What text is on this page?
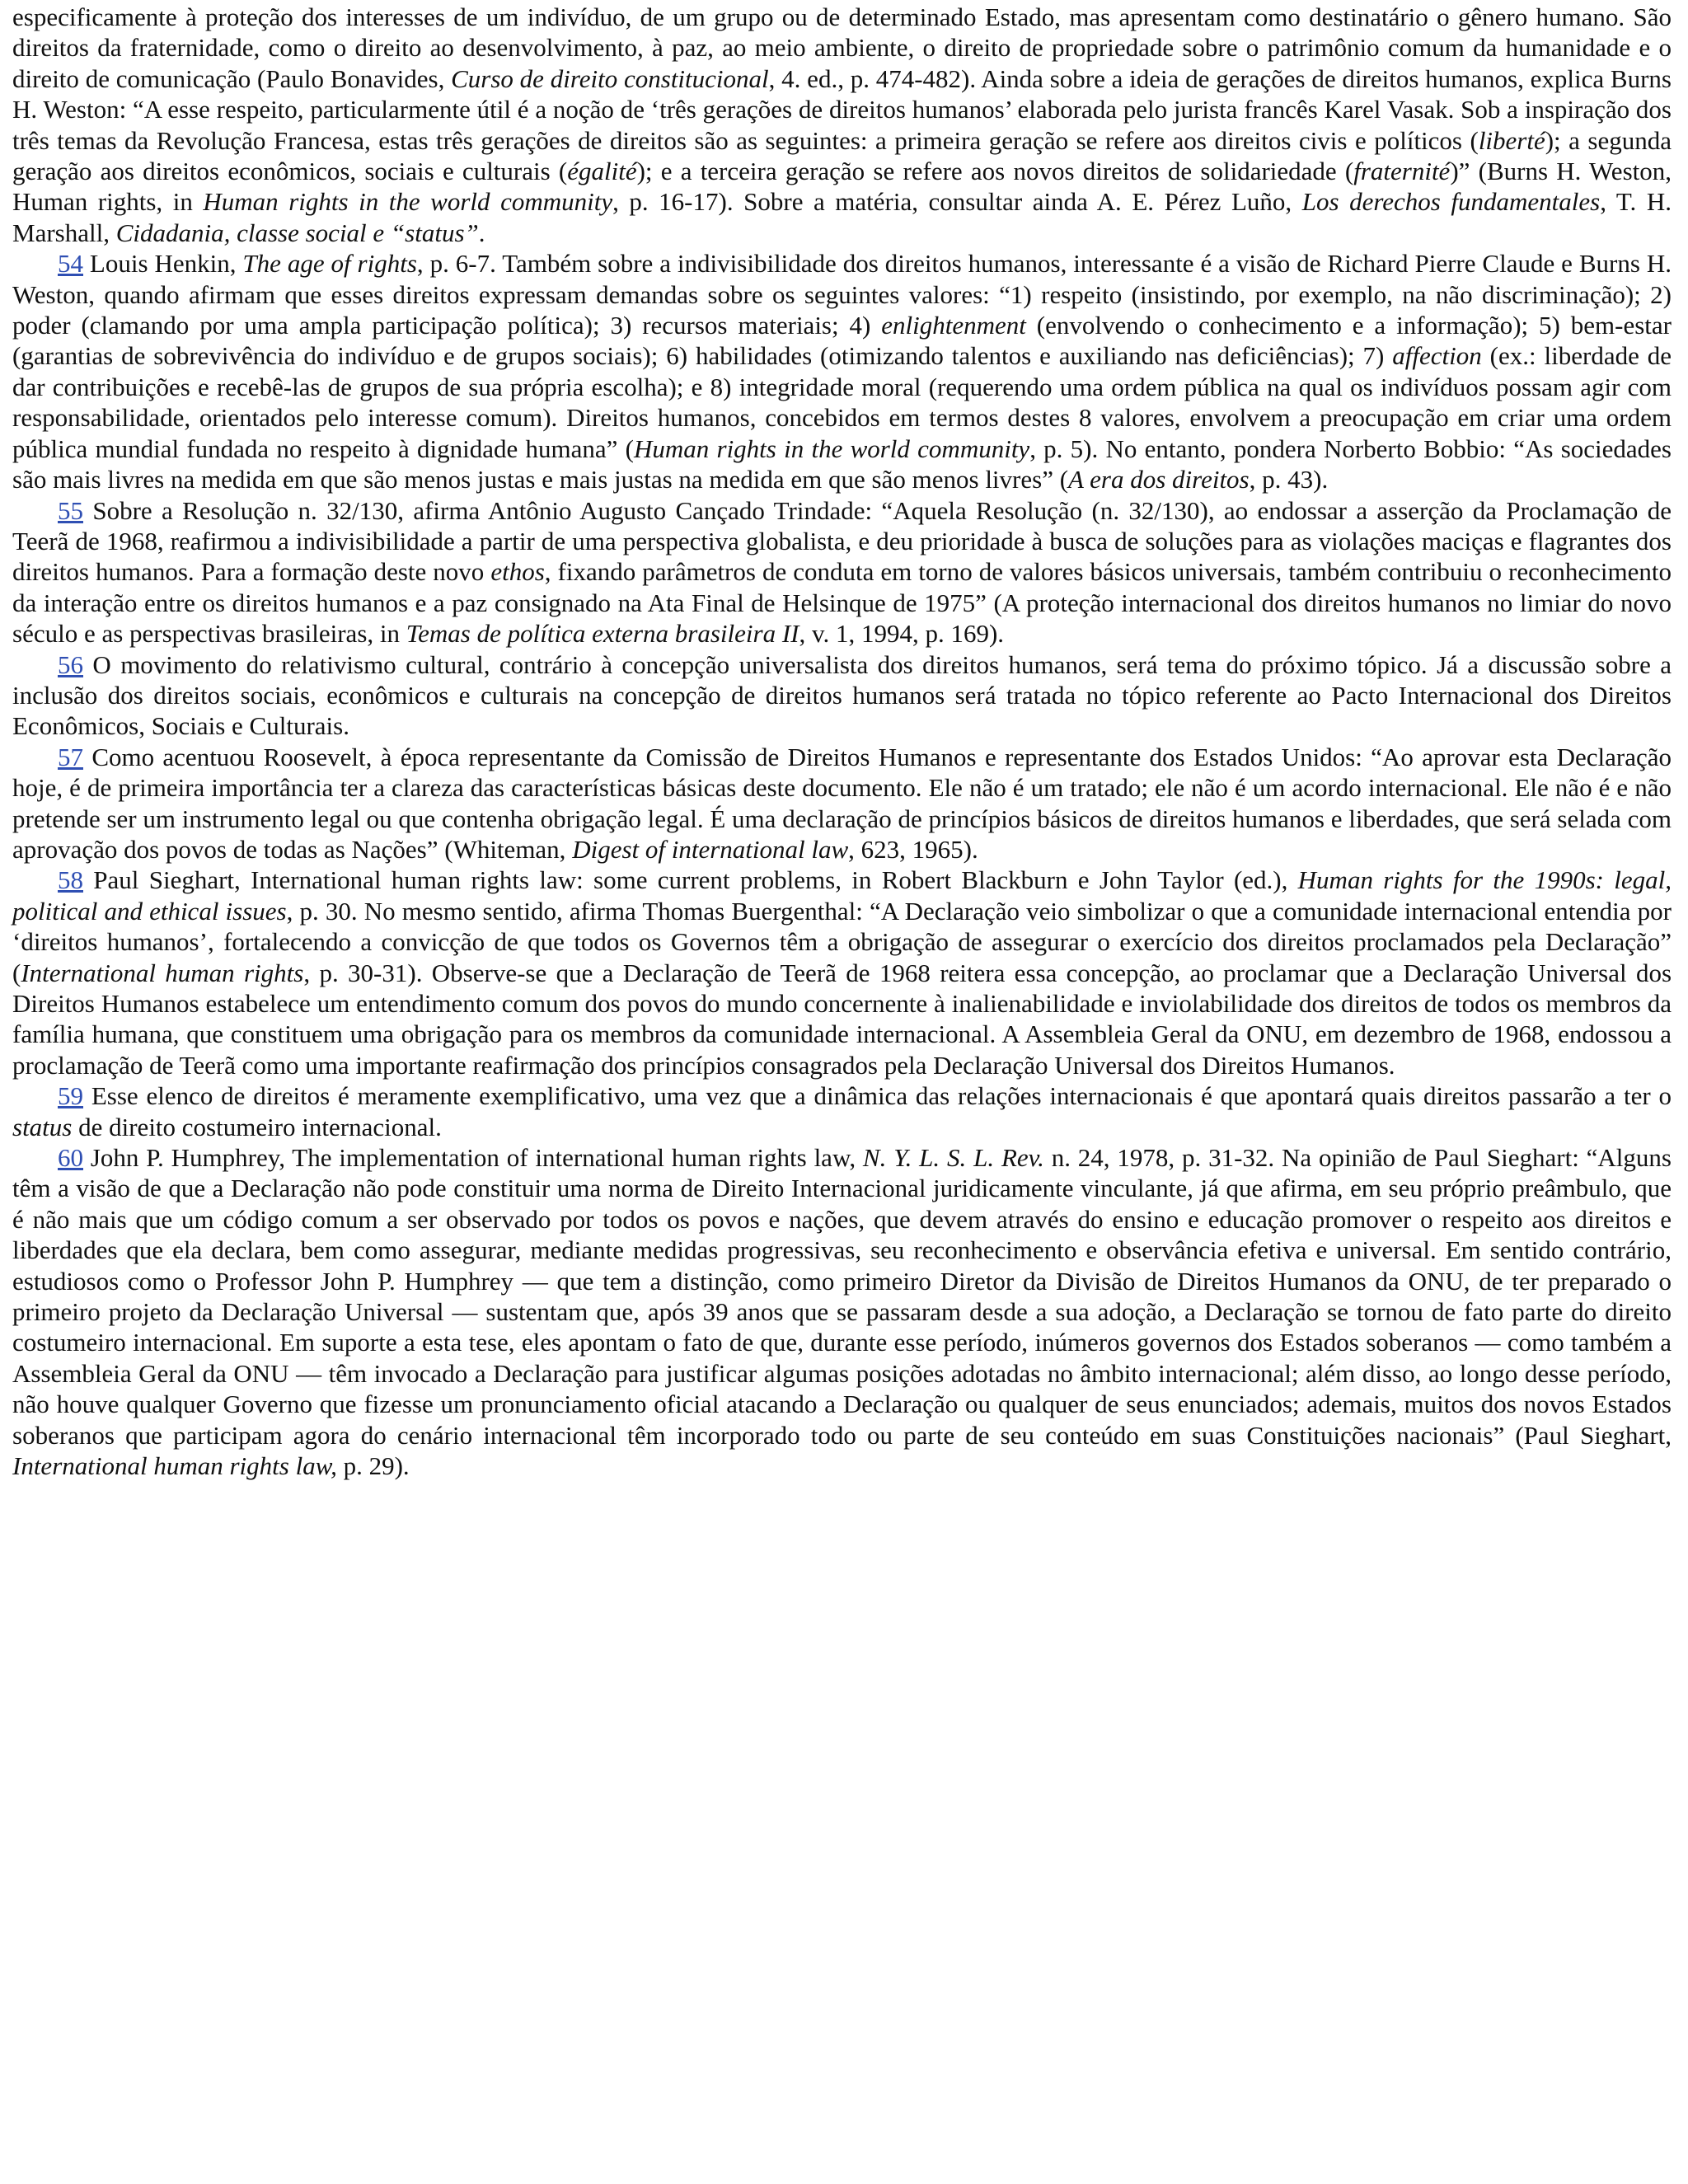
especificamente à proteção dos interesses de um indivíduo, de um grupo ou de determinado Estado, mas apresentam como destinatário o gênero humano. São direitos da fraternidade, como o direito ao desenvolvimento, à paz, ao meio ambiente, o direito de propriedade sobre o patrimônio comum da humanidade e o direito de comunicação (Paulo Bonavides, Curso de direito constitucional, 4. ed., p. 474-482). Ainda sobre a ideia de gerações de direitos humanos, explica Burns H. Weston: “A esse respeito, particularmente útil é a noção de ‘três gerações de direitos humanos’ elaborada pelo jurista francês Karel Vasak. Sob a inspiração dos três temas da Revolução Francesa, estas três gerações de direitos são as seguintes: a primeira geração se refere aos direitos civis e políticos (liberté); a segunda geração aos direitos econômicos, sociais e culturais (égalité); e a terceira geração se refere aos novos direitos de solidariedade (fraternité)” (Burns H. Weston, Human rights, in Human rights in the world community, p. 16-17). Sobre a matéria, consultar ainda A. E. Pérez Luño, Los derechos fundamentales, T. H. Marshall, Cidadania, classe social e “status”.

54 Louis Henkin, The age of rights, p. 6-7. Também sobre a indivisibilidade dos direitos humanos, interessante é a visão de Richard Pierre Claude e Burns H. Weston, quando afirmam que esses direitos expressam demandas sobre os seguintes valores: “1) respeito (insistindo, por exemplo, na não discriminação); 2) poder (clamando por uma ampla participação política); 3) recursos materiais; 4) enlightenment (envolvendo o conhecimento e a informação); 5) bem-estar (garantias de sobrevivência do indivíduo e de grupos sociais); 6) habilidades (otimizando talentos e auxiliando nas deficiências); 7) affection (ex.: liberdade de dar contribuições e recebê-las de grupos de sua própria escolha); e 8) integridade moral (requerendo uma ordem pública na qual os indivíduos possam agir com responsabilidade, orientados pelo interesse comum). Direitos humanos, concebidos em termos destes 8 valores, envolvem a preocupação em criar uma ordem pública mundial fundada no respeito à dignidade humana” (Human rights in the world community, p. 5). No entanto, pondera Norberto Bobbio: “As sociedades são mais livres na medida em que são menos justas e mais justas na medida em que são menos livres” (A era dos direitos, p. 43).

55 Sobre a Resolução n. 32/130, afirma Antônio Augusto Cançado Trindade: “Aquela Resolução (n. 32/130), ao endossar a asserção da Proclamação de Teerã de 1968, reafirmou a indivisibilidade a partir de uma perspectiva globalista, e deu prioridade à busca de soluções para as violações maciças e flagrantes dos direitos humanos. Para a formação deste novo ethos, fixando parâmetros de conduta em torno de valores básicos universais, também contribuiu o reconhecimento da interação entre os direitos humanos e a paz consignado na Ata Final de Helsinque de 1975” (A proteção internacional dos direitos humanos no limiar do novo século e as perspectivas brasileiras, in Temas de política externa brasileira II, v. 1, 1994, p. 169).

56 O movimento do relativismo cultural, contrário à concepção universalista dos direitos humanos, será tema do próximo tópico. Já a discussão sobre a inclusão dos direitos sociais, econômicos e culturais na concepção de direitos humanos será tratada no tópico referente ao Pacto Internacional dos Direitos Econômicos, Sociais e Culturais.

57 Como acentuou Roosevelt, à época representante da Comissão de Direitos Humanos e representante dos Estados Unidos: “Ao aprovar esta Declaração hoje, é de primeira importância ter a clareza das características básicas deste documento. Ele não é um tratado; ele não é um acordo internacional. Ele não é e não pretende ser um instrumento legal ou que contenha obrigação legal. É uma declaração de princípios básicos de direitos humanos e liberdades, que será selada com aprovação dos povos de todas as Nações” (Whiteman, Digest of international law, 623, 1965).

58 Paul Sieghart, International human rights law: some current problems, in Robert Blackburn e John Taylor (ed.), Human rights for the 1990s: legal, political and ethical issues, p. 30. No mesmo sentido, afirma Thomas Buergenthal: “A Declaração veio simbolizar o que a comunidade internacional entendia por ‘direitos humanos’, fortalecendo a convicção de que todos os Governos têm a obrigação de assegurar o exercício dos direitos proclamados pela Declaração” (International human rights, p. 30-31). Observe-se que a Declaração de Teerã de 1968 reitera essa concepção, ao proclamar que a Declaração Universal dos Direitos Humanos estabelece um entendimento comum dos povos do mundo concernente à inalienabilidade e inviolabilidade dos direitos de todos os membros da família humana, que constituem uma obrigação para os membros da comunidade internacional. A Assembleia Geral da ONU, em dezembro de 1968, endossou a proclamação de Teerã como uma importante reafirmação dos princípios consagrados pela Declaração Universal dos Direitos Humanos.

59 Esse elenco de direitos é meramente exemplificativo, uma vez que a dinâmica das relações internacionais é que apontará quais direitos passarão a ter o status de direito costumeiro internacional.

60 John P. Humphrey, The implementation of international human rights law, N. Y. L. S. L. Rev. n. 24, 1978, p. 31-32. Na opinião de Paul Sieghart: “Alguns têm a visão de que a Declaração não pode constituir uma norma de Direito Internacional juridicamente vinculante, já que afirma, em seu próprio preâmbulo, que é não mais que um código comum a ser observado por todos os povos e nações, que devem através do ensino e educação promover o respeito aos direitos e liberdades que ela declara, bem como assegurar, mediante medidas progressivas, seu reconhecimento e observância efetiva e universal. Em sentido contrário, estudiosos como o Professor John P. Humphrey — que tem a distinção, como primeiro Diretor da Divisão de Direitos Humanos da ONU, de ter preparado o primeiro projeto da Declaração Universal — sustentam que, após 39 anos que se passaram desde a sua adoção, a Declaração se tornou de fato parte do direito costumeiro internacional. Em suporte a esta tese, eles apontam o fato de que, durante esse período, inúmeros governos dos Estados soberanos — como também a Assembleia Geral da ONU — têm invocado a Declaração para justificar algumas posições adotadas no âmbito internacional; além disso, ao longo desse período, não houve qualquer Governo que fizesse um pronunciamento oficial atacando a Declaração ou qualquer de seus enunciados; ademais, muitos dos novos Estados soberanos que participam agora do cenário internacional têm incorporado todo ou parte de seu conteúdo em suas Constituições nacionais” (Paul Sieghart, International human rights law, p. 29).
